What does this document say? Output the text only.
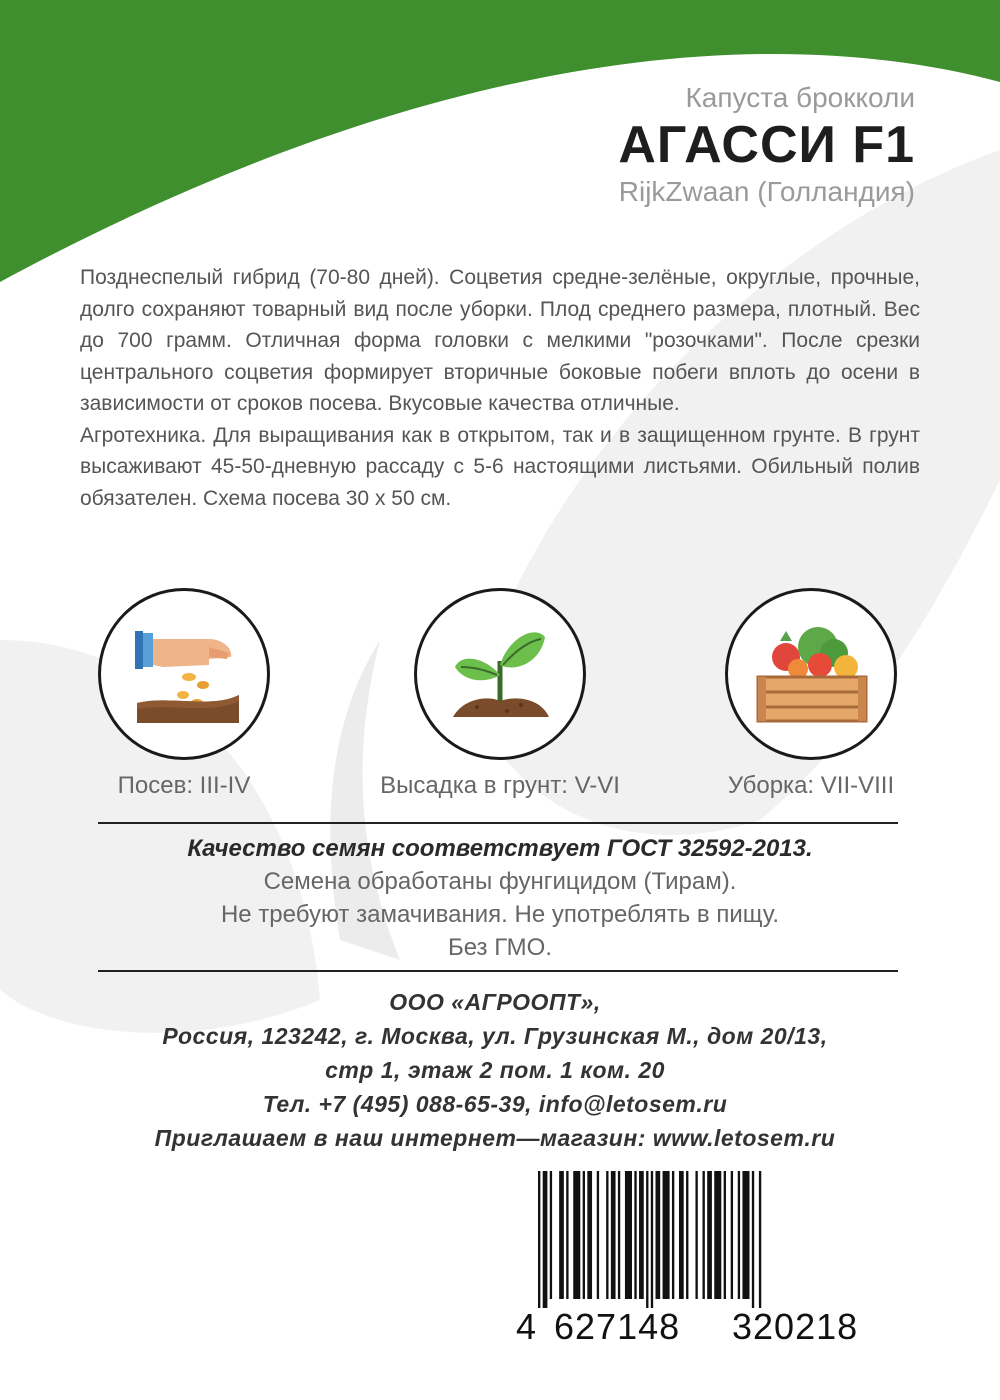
Капуста брокколи
АГАССИ F1
RijkZwaan (Голландия)

Позднеспелый гибрид (70-80 дней). Соцветия средне-зелёные, округлые, прочные, долго сохраняют товарный вид после уборки. Плод среднего размера, плотный. Вес до 700 грамм. Отличная форма головки с мелкими "розочками". После срезки центрального соцветия формирует вторичные боковые побеги вплоть до осени в зависимости от сроков посева. Вкусовые качества отличные.

Агротехника. Для выращивания как в открытом, так и в защищенном грунте. В грунт высаживают 45-50-дневную рассаду с 5-6 настоящими листьями. Обильный полив обязателен. Схема посева 30 х 50 см.

Посев: III-IV	Высадка в грунт: V-VI	Уборка: VII-VIII
Качество семян соответствует ГОСТ 32592-2013.
Семена обработаны фунгицидом (Тирам).
Не требуют замачивания. Не употреблять в пищу.
Без ГМО.
ООО «АГРООПТ»,
Россия, 123242, г. Москва, ул. Грузинская М., дом 20/13,
стр 1, этаж 2 пом. 1 ком. 20
Тел. +7 (495) 088-65-39, info@letosem.ru
Приглашаем в наш интернет—магазин: www.letosem.ru
4 627148 320218
